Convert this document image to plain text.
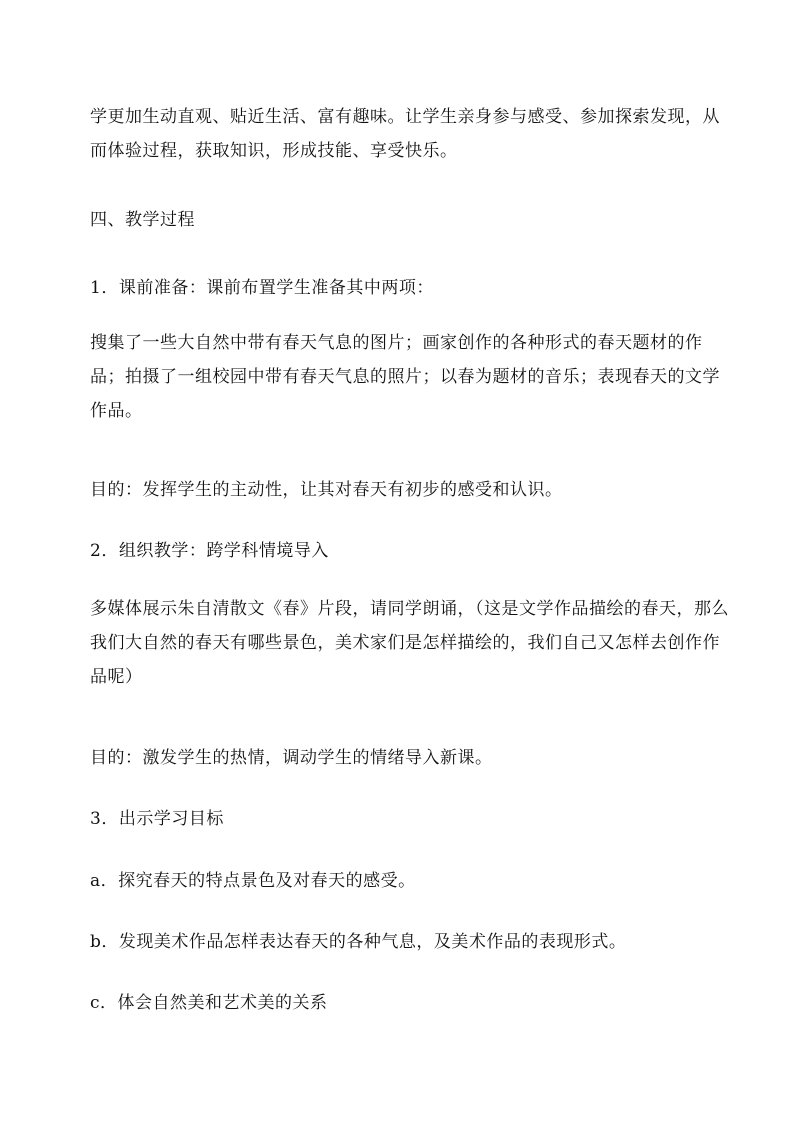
学更加生动直观、贴近生活、富有趣味。让学生亲身参与感受、参加探索发现，从而体验过程，获取知识，形成技能、享受快乐。

四、教学过程

1．课前准备：课前布置学生准备其中两项：

搜集了一些大自然中带有春天气息的图片；画家创作的各种形式的春天题材的作品；拍摄了一组校园中带有春天气息的照片；以春为题材的音乐；表现春天的文学作品。

目的：发挥学生的主动性，让其对春天有初步的感受和认识。

2．组织教学：跨学科情境导入

多媒体展示朱自清散文《春》片段，请同学朗诵，（这是文学作品描绘的春天，那么我们大自然的春天有哪些景色，美术家们是怎样描绘的，我们自己又怎样去创作作品呢）

目的：激发学生的热情，调动学生的情绪导入新课。

3．出示学习目标

a．探究春天的特点景色及对春天的感受。

b．发现美术作品怎样表达春天的各种气息，及美术作品的表现形式。

c．体会自然美和艺术美的关系
